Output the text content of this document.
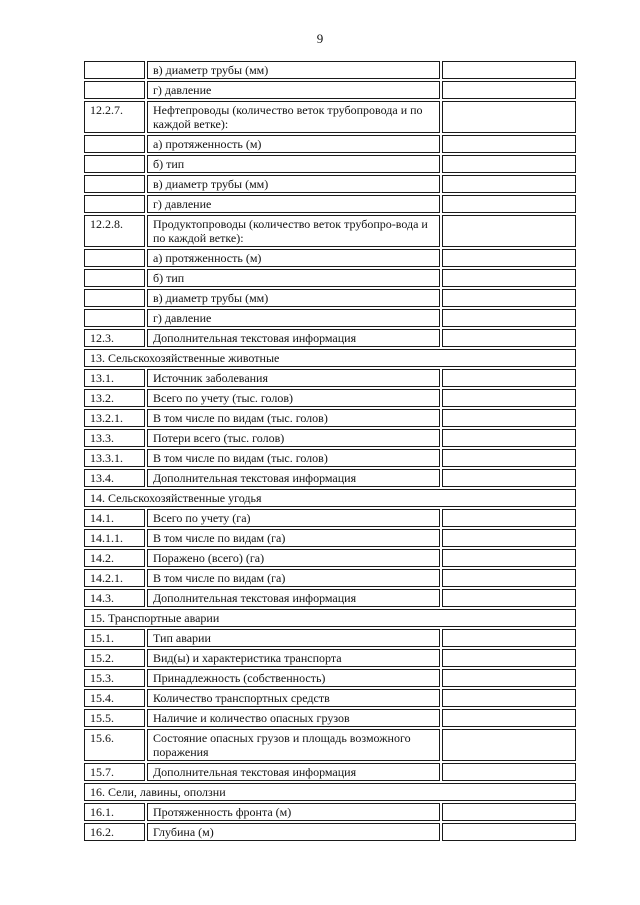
9
в) диаметр трубы (мм)
г) давление
12.2.7.	Нефтепроводы (количество веток трубопровода и по каждой ветке):
а) протяженность (м)
б) тип
в) диаметр трубы (мм)
г) давление
12.2.8.	Продуктопроводы (количество веток трубопро-вода и по каждой ветке):
а) протяженность (м)
б) тип
в) диаметр трубы (мм)
г) давление
12.3.	Дополнительная текстовая информация
13. Сельскохозяйственные животные
13.1.	Источник заболевания
13.2.	Всего по учету (тыс. голов)
13.2.1.	В том числе по видам (тыс. голов)
13.3.	Потери всего (тыс. голов)
13.3.1.	В том числе по видам (тыс. голов)
13.4.	Дополнительная текстовая информация
14. Сельскохозяйственные угодья
14.1.	Всего по учету (га)
14.1.1.	В том числе по видам (га)
14.2.	Поражено (всего) (га)
14.2.1.	В том числе по видам (га)
14.3.	Дополнительная текстовая информация
15. Транспортные аварии
15.1.	Тип аварии
15.2.	Вид(ы) и характеристика транспорта
15.3.	Принадлежность (собственность)
15.4.	Количество транспортных средств
15.5.	Наличие и количество опасных грузов
15.6.	Состояние опасных грузов и площадь возможного поражения
15.7.	Дополнительная текстовая информация
16. Сели, лавины, оползни
16.1.	Протяженность фронта (м)
16.2.	Глубина (м)
